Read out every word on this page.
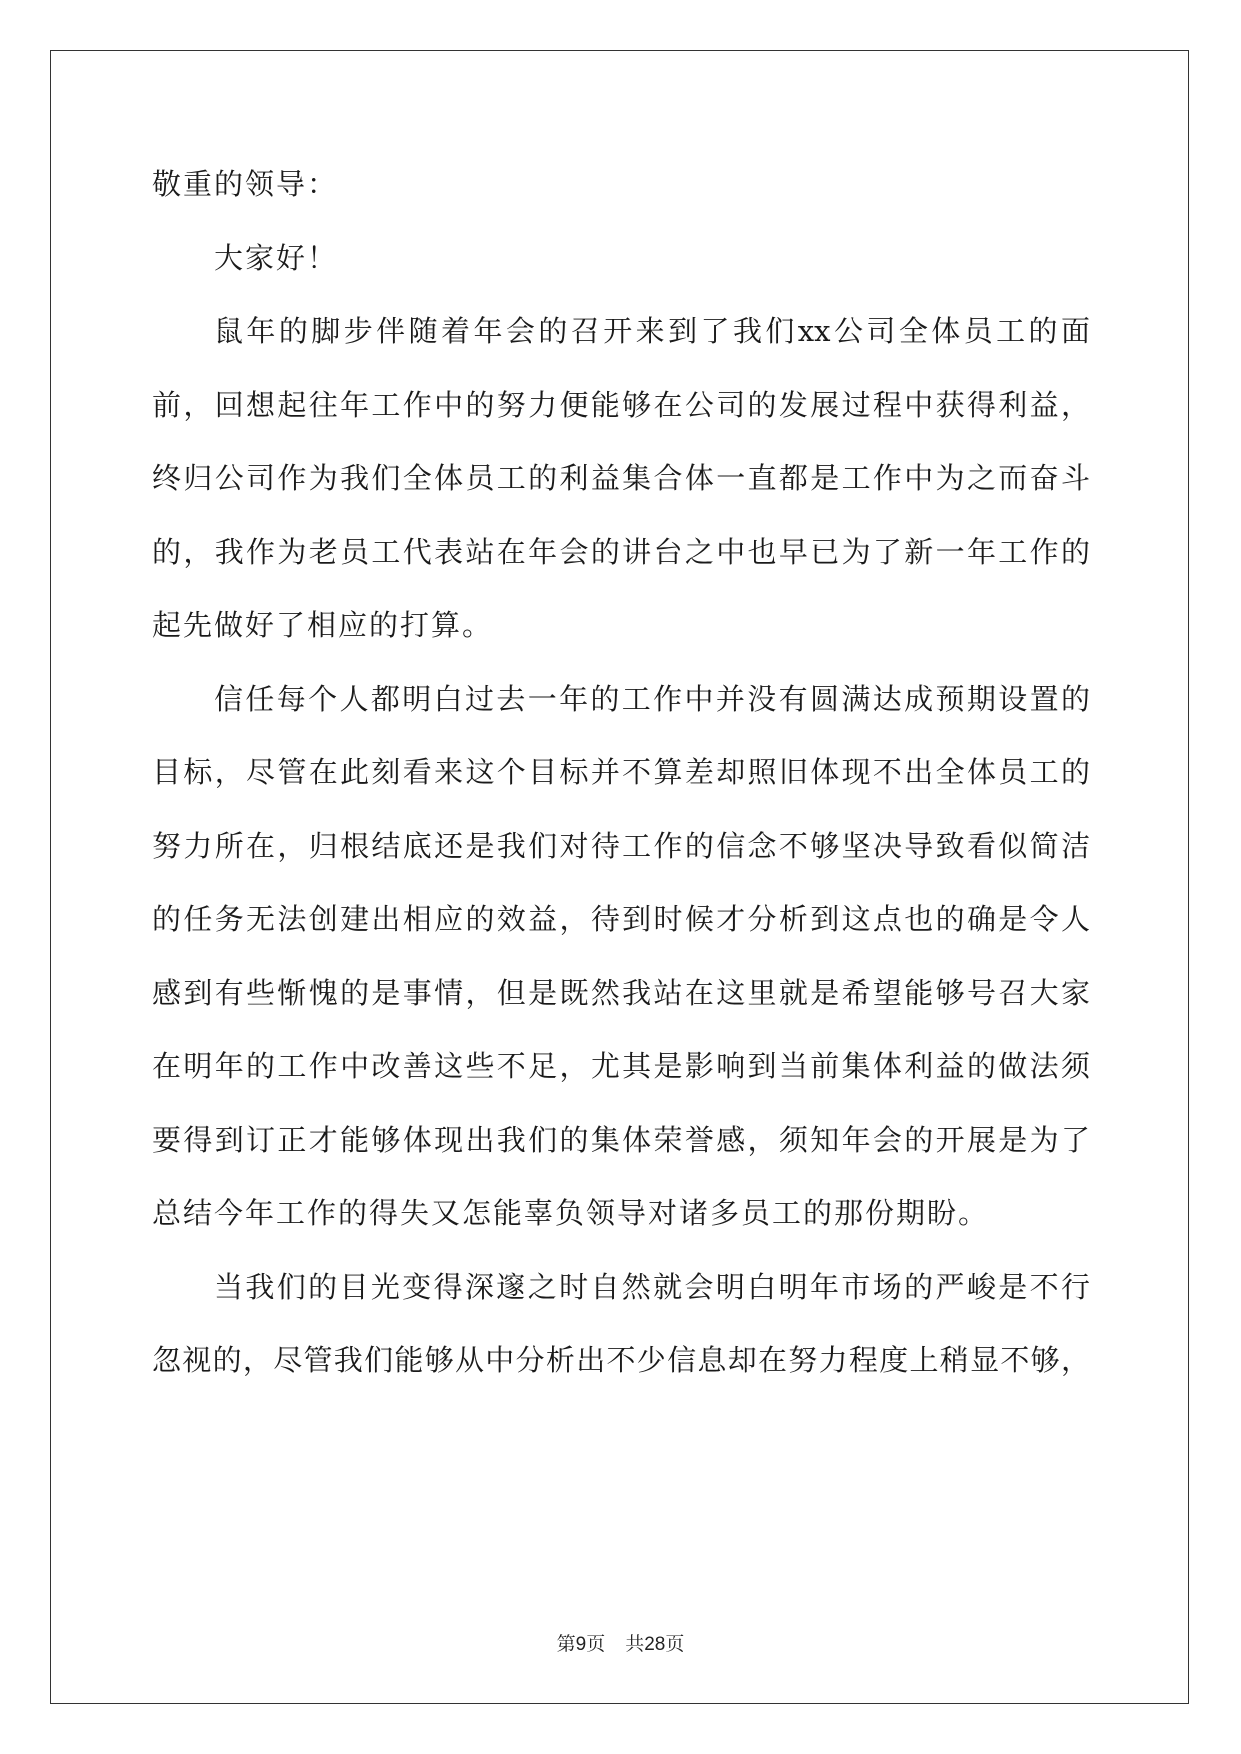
敬重的领导：
大家好！
鼠年的脚步伴随着年会的召开来到了我们xx公司全体员工的面
前，回想起往年工作中的努力便能够在公司的发展过程中获得利益，
终归公司作为我们全体员工的利益集合体一直都是工作中为之而奋斗
的，我作为老员工代表站在年会的讲台之中也早已为了新一年工作的
起先做好了相应的打算。
信任每个人都明白过去一年的工作中并没有圆满达成预期设置的
目标，尽管在此刻看来这个目标并不算差却照旧体现不出全体员工的
努力所在，归根结底还是我们对待工作的信念不够坚决导致看似简洁
的任务无法创建出相应的效益，待到时候才分析到这点也的确是令人
感到有些惭愧的是事情，但是既然我站在这里就是希望能够号召大家
在明年的工作中改善这些不足，尤其是影响到当前集体利益的做法须
要得到订正才能够体现出我们的集体荣誉感，须知年会的开展是为了
总结今年工作的得失又怎能辜负领导对诸多员工的那份期盼。
当我们的目光变得深邃之时自然就会明白明年市场的严峻是不行
忽视的，尽管我们能够从中分析出不少信息却在努力程度上稍显不够，
第9页 共28页
